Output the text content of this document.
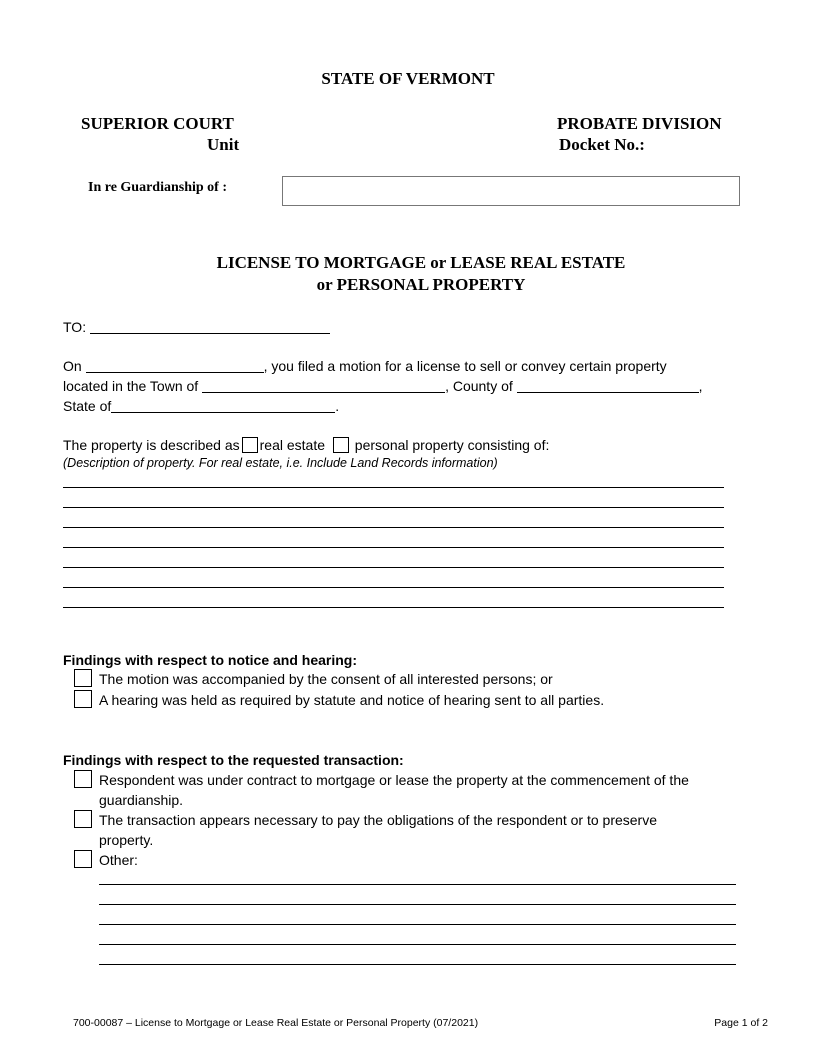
STATE OF VERMONT
SUPERIOR COURT	PROBATE DIVISION
Unit	Docket No.:
In re Guardianship of :
LICENSE TO MORTGAGE or LEASE REAL ESTATE
or PERSONAL PROPERTY
TO:
On	, you filed a motion for a license to sell or convey certain property
located in the Town of	, County of	,
State of	.
The property is described as real estate personal property consisting of:
(Description of property. For real estate, i.e. Include Land Records information)
Findings with respect to notice and hearing:
The motion was accompanied by the consent of all interested persons; or
A hearing was held as required by statute and notice of hearing sent to all parties.
Findings with respect to the requested transaction:
Respondent was under contract to mortgage or lease the property at the commencement of the
guardianship.
The transaction appears necessary to pay the obligations of the respondent or to preserve
property.
Other:
700-00087 – License to Mortgage or Lease Real Estate or Personal Property (07/2021)	Page 1 of 2
